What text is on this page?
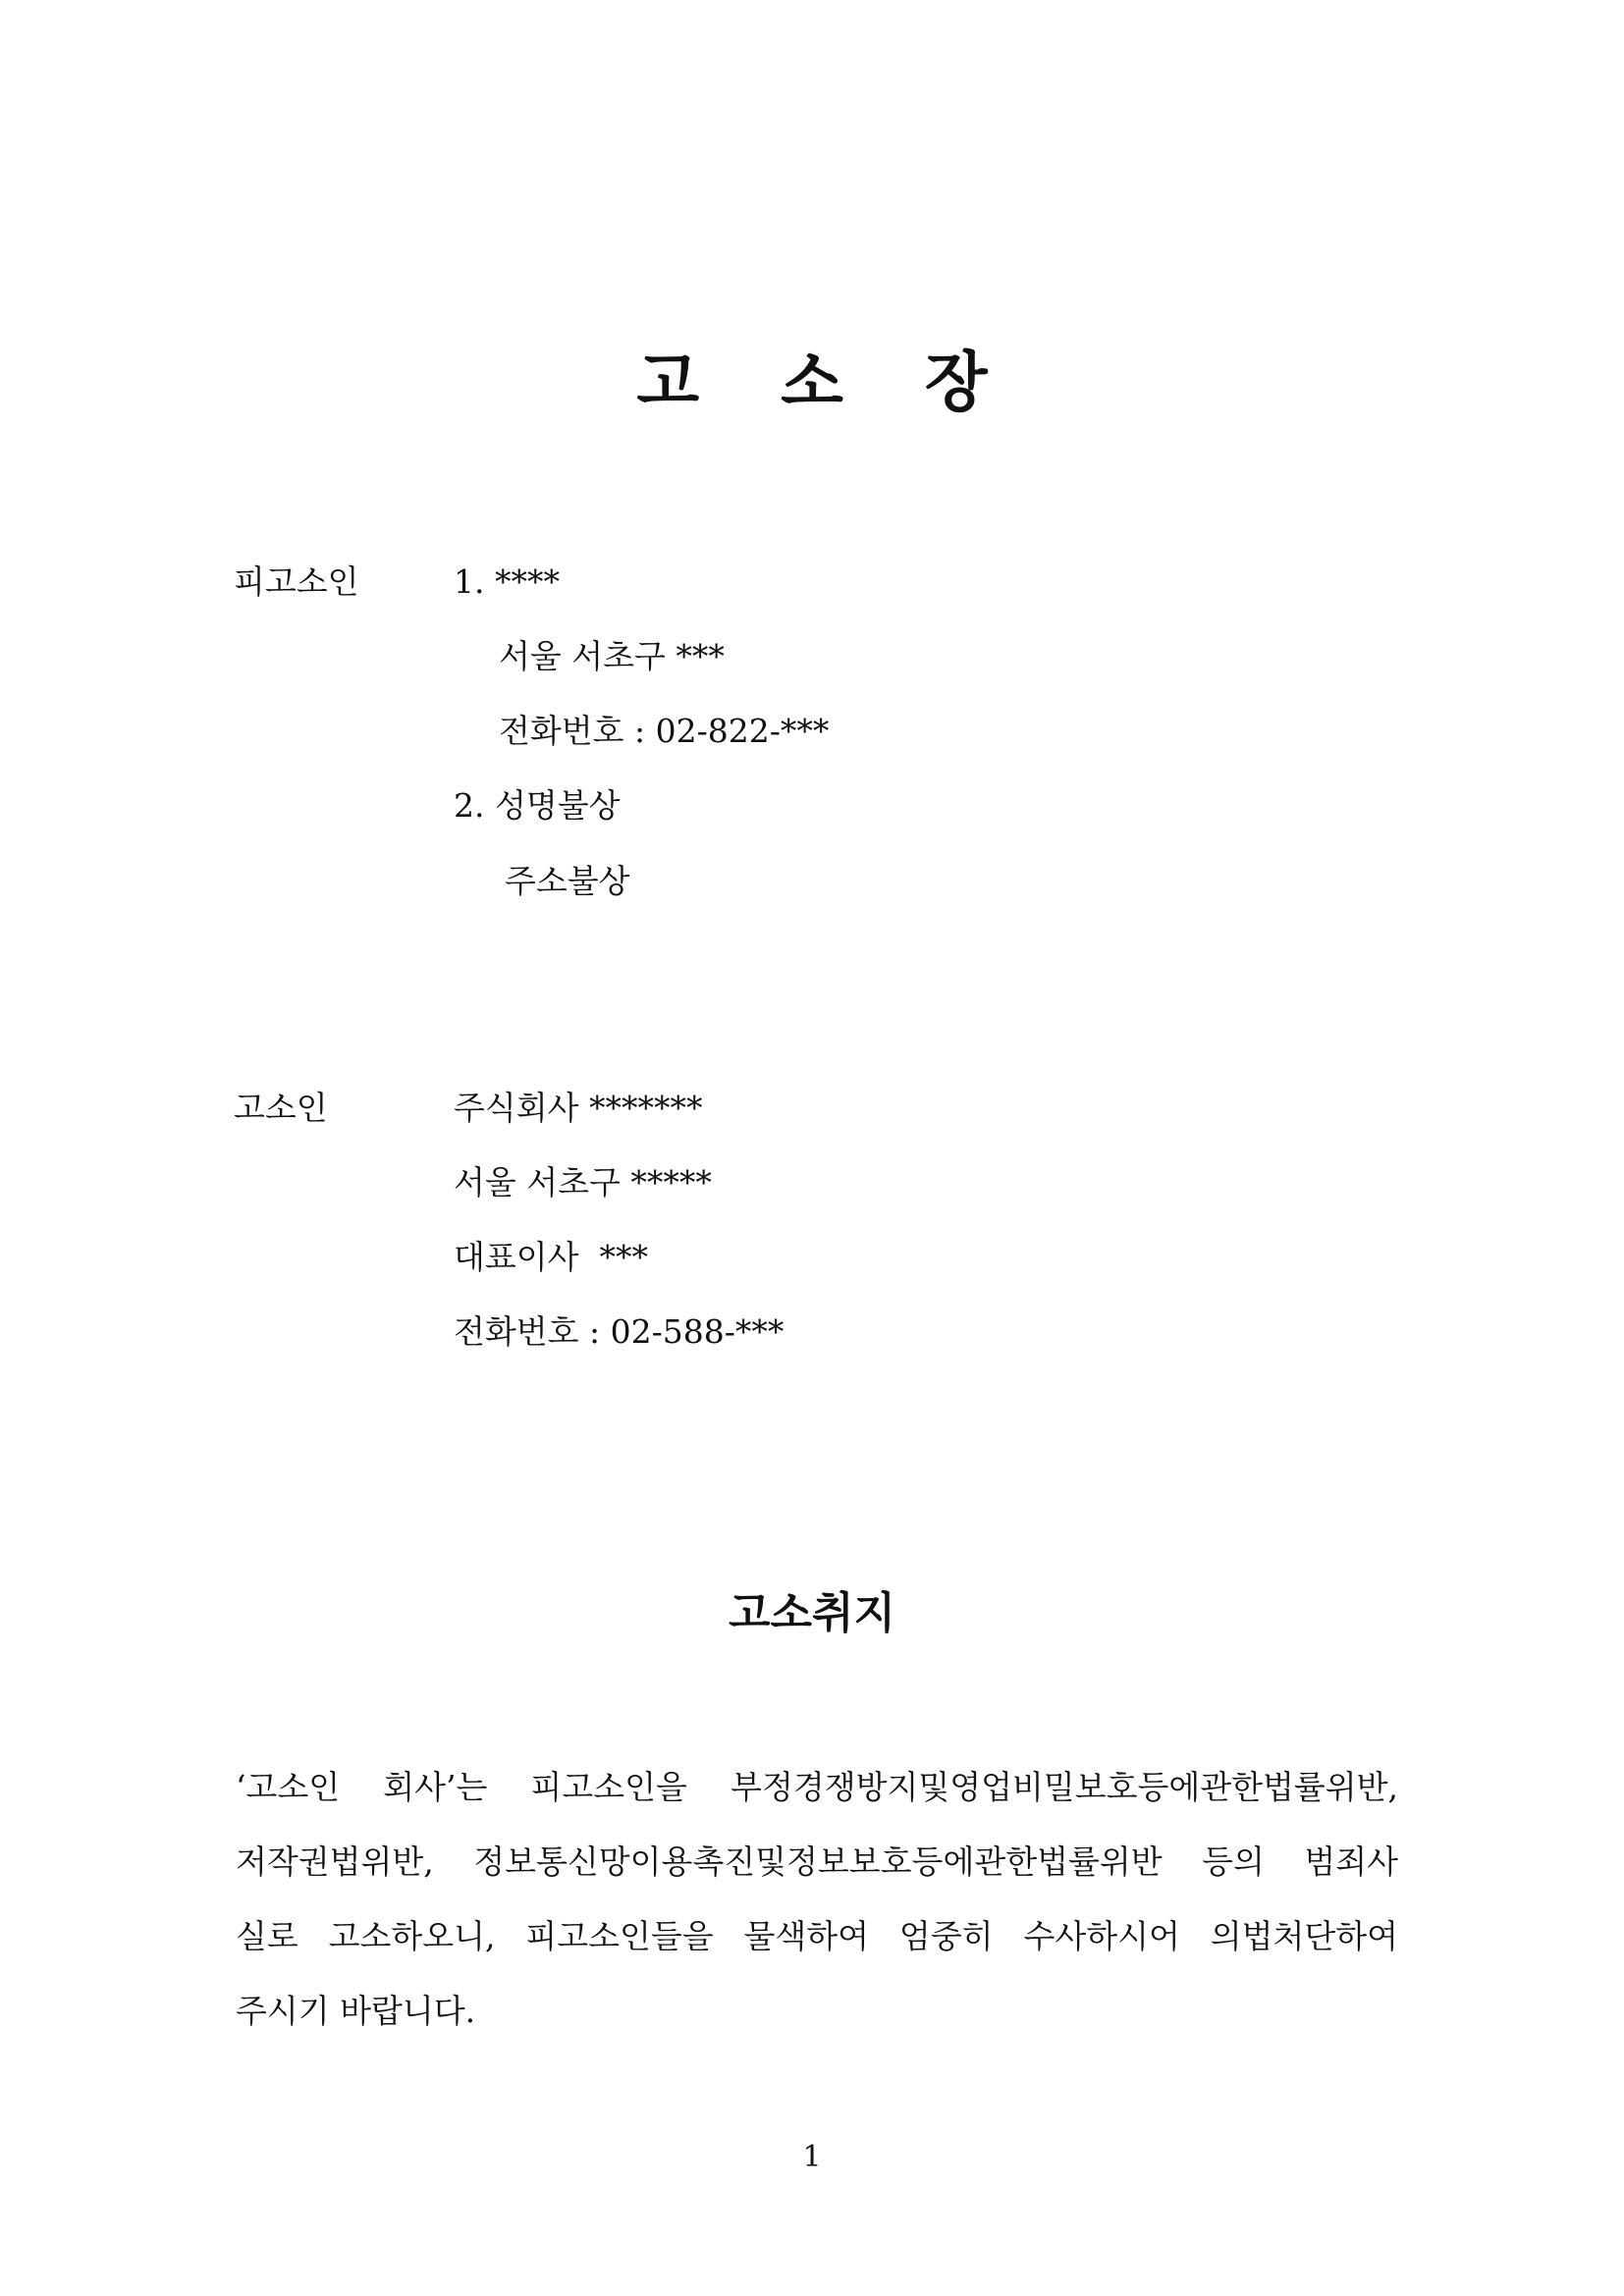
고 소 장
피고소인	1. ****
서울 서초구 ***
전화번호 : 02-822-***
2. 성명불상
주소불상
고소인	주식회사 *******
서울 서초구 *****
대표이사  ***
전화번호 : 02-588-***
고소취지
‘고소인 회사’는 피고소인을 부정경쟁방지및영업비밀보호등에관한법률위반,
저작권법위반, 정보통신망이용촉진및정보보호등에관한법률위반 등의 범죄사
실로 고소하오니, 피고소인들을 물색하여 엄중히 수사하시어 의법처단하여
주시기 바랍니다.
1
